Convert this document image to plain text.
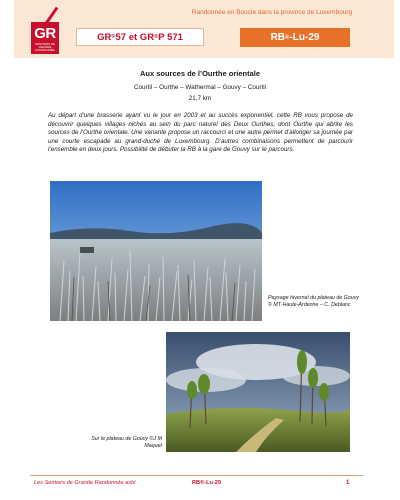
GR
SENTIERS DE GRANDE RANDONNÉE
Randonnée en Boucle dans la province de Luxembourg
GR ® 57 et GR ® P 571	RB ® -Lu-29
Aux sources de l’Ourthe orientale
Courtil – Ourthe – Wathermal – Gouvy – Courtil
21,7 km
Au départ d’une brasserie ayant vu le jour en 2003 et au succès exponentiel, cette RB vous propose de découvrir quelques villages nichés au sein du parc naturel des Deux Ourthes, dont Ourthe qui abrite les sources de l’Ourthe orientale. Une variante propose un raccourci et une autre permet d’allonger sa journée par une courte escapade au grand-duché de Luxembourg. D’autres combinaisons permettent de parcourir l’ensemble en deux jours. Possibilité de débuter la RB à la gare de Gouvy sur le parcours.
Paysage hivernal du plateau de Gouvy © MT Haute-Ardenne – C. Deblanc
Sur le plateau de Gouvy ©J M Maquet
Les Sentiers de Grande Randonnée asbl	RB®-Lu-29	1
